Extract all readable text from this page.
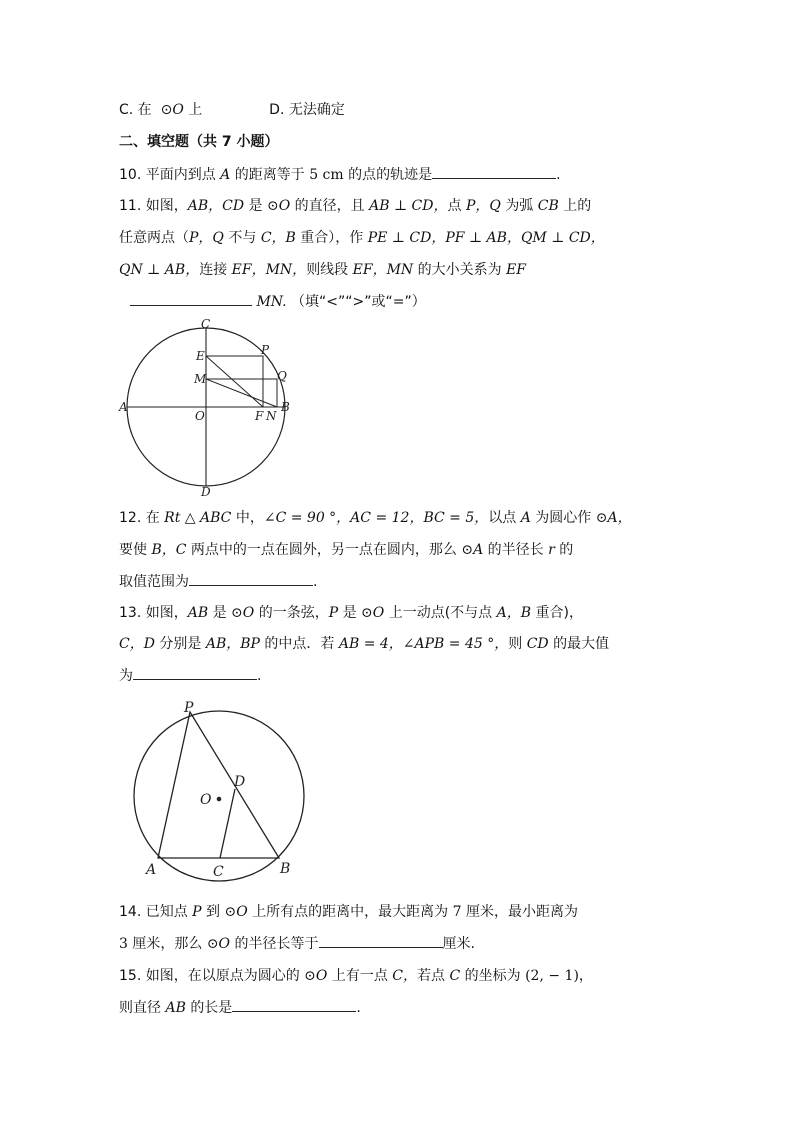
C. 在 ⊙O 上	D. 无法确定
二、填空题（共 7 小题）
10. 平面内到点 A 的距离等于 5 cm 的点的轨迹是	.
11. 如图，AB，CD 是 ⊙O 的直径，且 AB ⊥ CD，点 P，Q 为弧 CB 上的
任意两点（P，Q 不与 C，B 重合），作 PE ⊥ CD，PF ⊥ AB，QM ⊥ CD，
QN ⊥ AB，连接 EF，MN，则线段 EF，MN 的大小关系为 EF
MN. （填“<”“>”或“=”）
C
E	P
M	Q
A
O	F N
B
D
12. 在 Rt △ ABC 中，∠C = 90 °，AC = 12，BC = 5，以点 A 为圆心作 ⊙A，
要使 B，C 两点中的一点在圆外，另一点在圆内，那么 ⊙A 的半径长 r 的
取值范围为	.
13. 如图，AB 是 ⊙O 的一条弦，P 是 ⊙O 上一动点(不与点 A，B 重合)，
C，D 分别是 AB，BP 的中点．若 AB = 4，∠APB = 45 °，则 CD 的最大值
为	.
P
O
D
A	C	B
14. 已知点 P 到 ⊙O 上所有点的距离中，最大距离为 7 厘米，最小距离为
3 厘米，那么 ⊙O 的半径长等于	厘米.
15. 如图，在以原点为圆心的 ⊙O 上有一点 C，若点 C 的坐标为 (2, − 1)，
则直径 AB 的长是	.
